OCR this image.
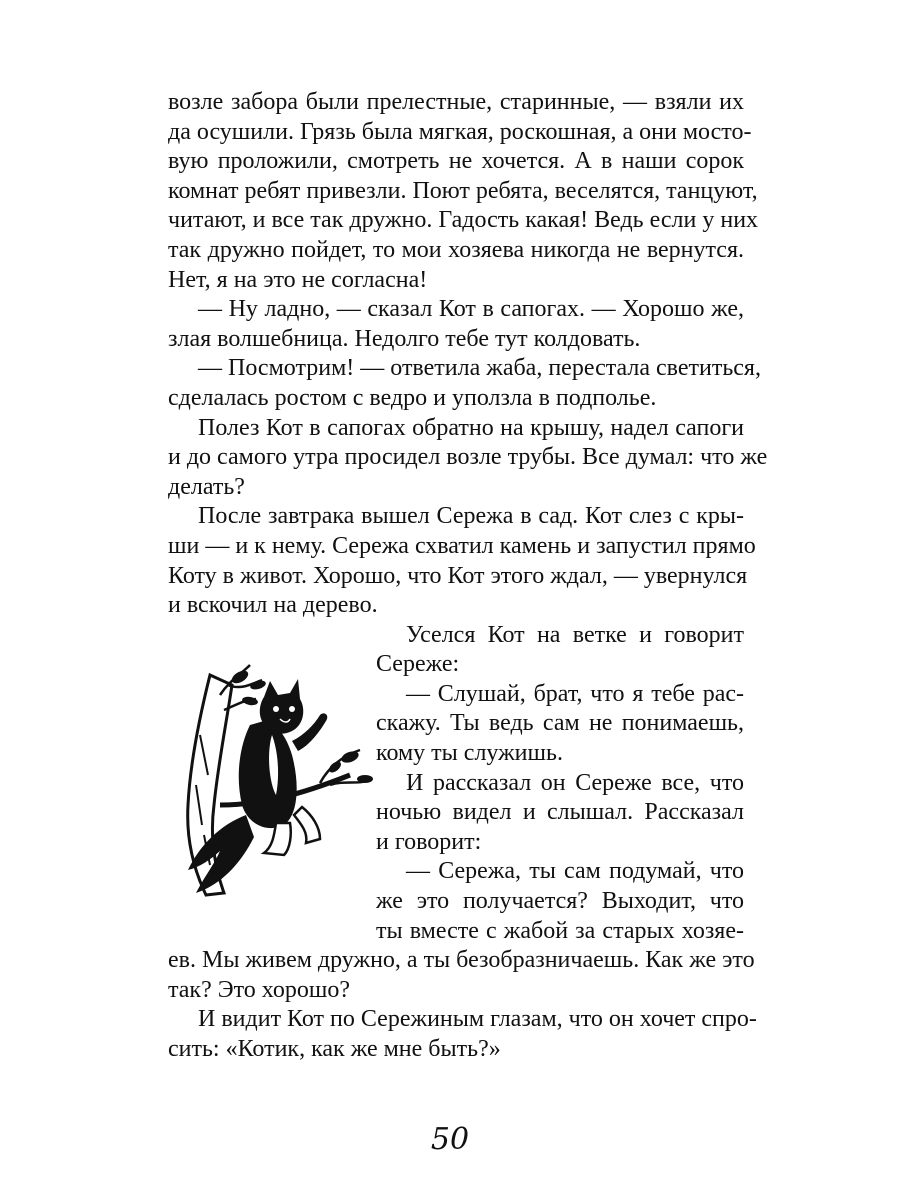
возле забора были прелестные, старинные, — взяли их
да осушили. Грязь была мягкая, роскошная, а они мосто-
вую проложили, смотреть не хочется. А в наши сорок
комнат ребят привезли. Поют ребята, веселятся, танцуют,
читают, и все так дружно. Гадость какая! Ведь если у них
так дружно пойдет, то мои хозяева никогда не вернутся.
Нет, я на это не согласна!
— Ну ладно, — сказал Кот в сапогах. — Хорошо же,
злая волшебница. Недолго тебе тут колдовать.
— Посмотрим! — ответила жаба, перестала светиться,
сделалась ростом с ведро и уползла в подполье.
Полез Кот в сапогах обратно на крышу, надел сапоги
и до самого утра просидел возле трубы. Все думал: что же
делать?
После завтрака вышел Сережа в сад. Кот слез с кры-
ши — и к нему. Сережа схватил камень и запустил прямо
Коту в живот. Хорошо, что Кот этого ждал, — увернулся
и вскочил на дерево.
Уселся Кот на ветке и говорит
Сереже:
— Слушай, брат, что я тебе рас-
скажу. Ты ведь сам не понимаешь,
кому ты служишь.
И рассказал он Сереже все, что
ночью видел и слышал. Рассказал
и говорит:
— Сережа, ты сам подумай, что
же это получается? Выходит, что
ты вместе с жабой за старых хозяе-
ев. Мы живем дружно, а ты безобразничаешь. Как же это
так? Это хорошо?
И видит Кот по Сережиным глазам, что он хочет спро-
сить: «Котик, как же мне быть?»
50
